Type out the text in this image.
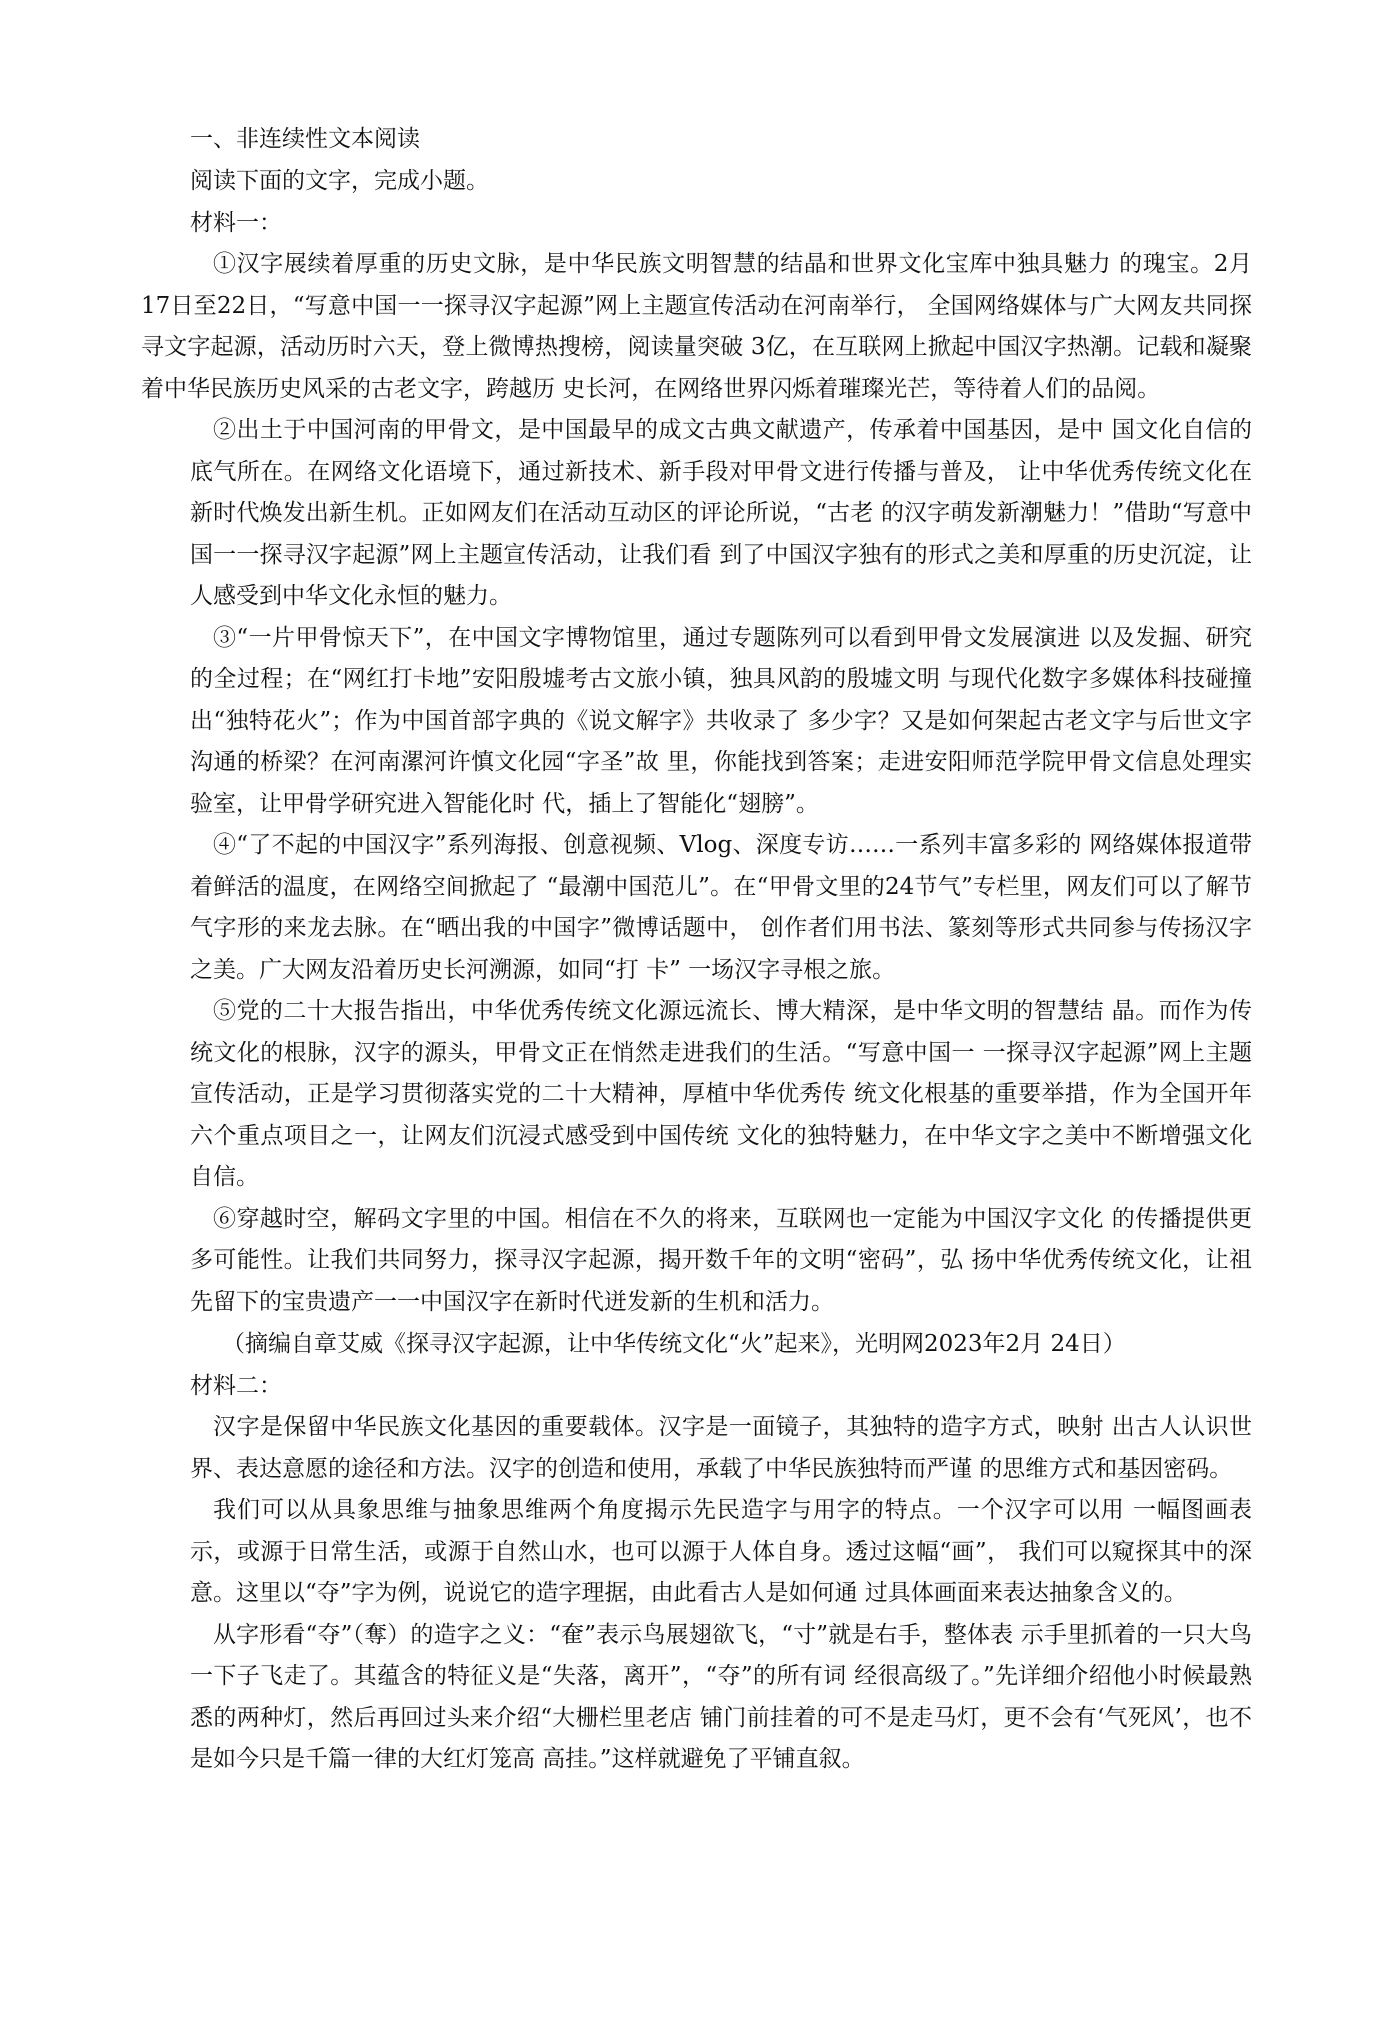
一、非连续性文本阅读

阅读下面的文字，完成小题。

材料一：

①汉字展续着厚重的历史文脉，是中华民族文明智慧的结晶和世界文化宝库中独具魅力 的瑰宝。2月17日至22日，“写意中国一一探寻汉字起源”网上主题宣传活动在河南举行， 全国网络媒体与广大网友共同探寻文字起源，活动历时六天，登上微博热搜榜，阅读量突破 3亿，在互联网上掀起中国汉字热潮。记载和凝聚着中华民族历史风采的古老文字，跨越历 史长河，在网络世界闪烁着璀璨光芒，等待着人们的品阅。

②出土于中国河南的甲骨文，是中国最早的成文古典文献遗产，传承着中国基因，是中 国文化自信的底气所在。在网络文化语境下，通过新技术、新手段对甲骨文进行传播与普及， 让中华优秀传统文化在新时代焕发出新生机。正如网友们在活动互动区的评论所说，“古老 的汉字萌发新潮魅力！”借助“写意中国一一探寻汉字起源”网上主题宣传活动，让我们看 到了中国汉字独有的形式之美和厚重的历史沉淀，让人感受到中华文化永恒的魅力。

③“一片甲骨惊天下”，在中国文字博物馆里，通过专题陈列可以看到甲骨文发展演进 以及发掘、研究的全过程；在“网红打卡地”安阳殷墟考古文旅小镇，独具风韵的殷墟文明 与现代化数字多媒体科技碰撞出“独特花火”；作为中国首部字典的《说文解字》共收录了 多少字？又是如何架起古老文字与后世文字沟通的桥梁？在河南漯河许慎文化园“字圣”故 里，你能找到答案；走进安阳师范学院甲骨文信息处理实验室，让甲骨学研究进入智能化时 代，插上了智能化“翅膀”。

④“了不起的中国汉字”系列海报、创意视频、Vlog、深度专访……一系列丰富多彩的 网络媒体报道带着鲜活的温度，在网络空间掀起了 “最潮中国范儿”。在“甲骨文里的24节气”专栏里，网友们可以了解节气字形的来龙去脉。在“晒出我的中国字”微博话题中， 创作者们用书法、篆刻等形式共同参与传扬汉字之美。广大网友沿着历史长河溯源，如同“打 卡” 一场汉字寻根之旅。

⑤党的二十大报告指出，中华优秀传统文化源远流长、博大精深，是中华文明的智慧结 晶。而作为传统文化的根脉，汉字的源头，甲骨文正在悄然走进我们的生活。“写意中国一 一探寻汉字起源”网上主题宣传活动，正是学习贯彻落实党的二十大精神，厚植中华优秀传 统文化根基的重要举措，作为全国开年六个重点项目之一，让网友们沉浸式感受到中国传统 文化的独特魅力，在中华文字之美中不断增强文化自信。

⑥穿越时空，解码文字里的中国。相信在不久的将来，互联网也一定能为中国汉字文化 的传播提供更多可能性。让我们共同努力，探寻汉字起源，揭开数千年的文明“密码”，弘 扬中华优秀传统文化，让祖先留下的宝贵遗产一一中国汉字在新时代迸发新的生机和活力。

（摘编自章艾威《探寻汉字起源，让中华传统文化“火”起来》，光明网2023年2月 24日）

材料二：

汉字是保留中华民族文化基因的重要载体。汉字是一面镜子，其独特的造字方式，映射 出古人认识世界、表达意愿的途径和方法。汉字的创造和使用，承载了中华民族独特而严谨 的思维方式和基因密码。

我们可以从具象思维与抽象思维两个角度揭示先民造字与用字的特点。一个汉字可以用 一幅图画表示，或源于日常生活，或源于自然山水，也可以源于人体自身。透过这幅“画”， 我们可以窥探其中的深意。这里以“夺”字为例，说说它的造字理据，由此看古人是如何通 过具体画面来表达抽象含义的。

从字形看“夺”（奪）的造字之义：“奞”表示鸟展翅欲飞，“寸”就是右手，整体表 示手里抓着的一只大鸟一下子飞走了。其蕴含的特征义是“失落，离开”，“夺”的所有词 经很高级了。”先详细介绍他小时候最熟悉的两种灯，然后再回过头来介绍“大栅栏里老店 铺门前挂着的可不是走马灯，更不会有‘气死风’，也不是如今只是千篇一律的大红灯笼高 高挂。”这样就避免了平铺直叙。
